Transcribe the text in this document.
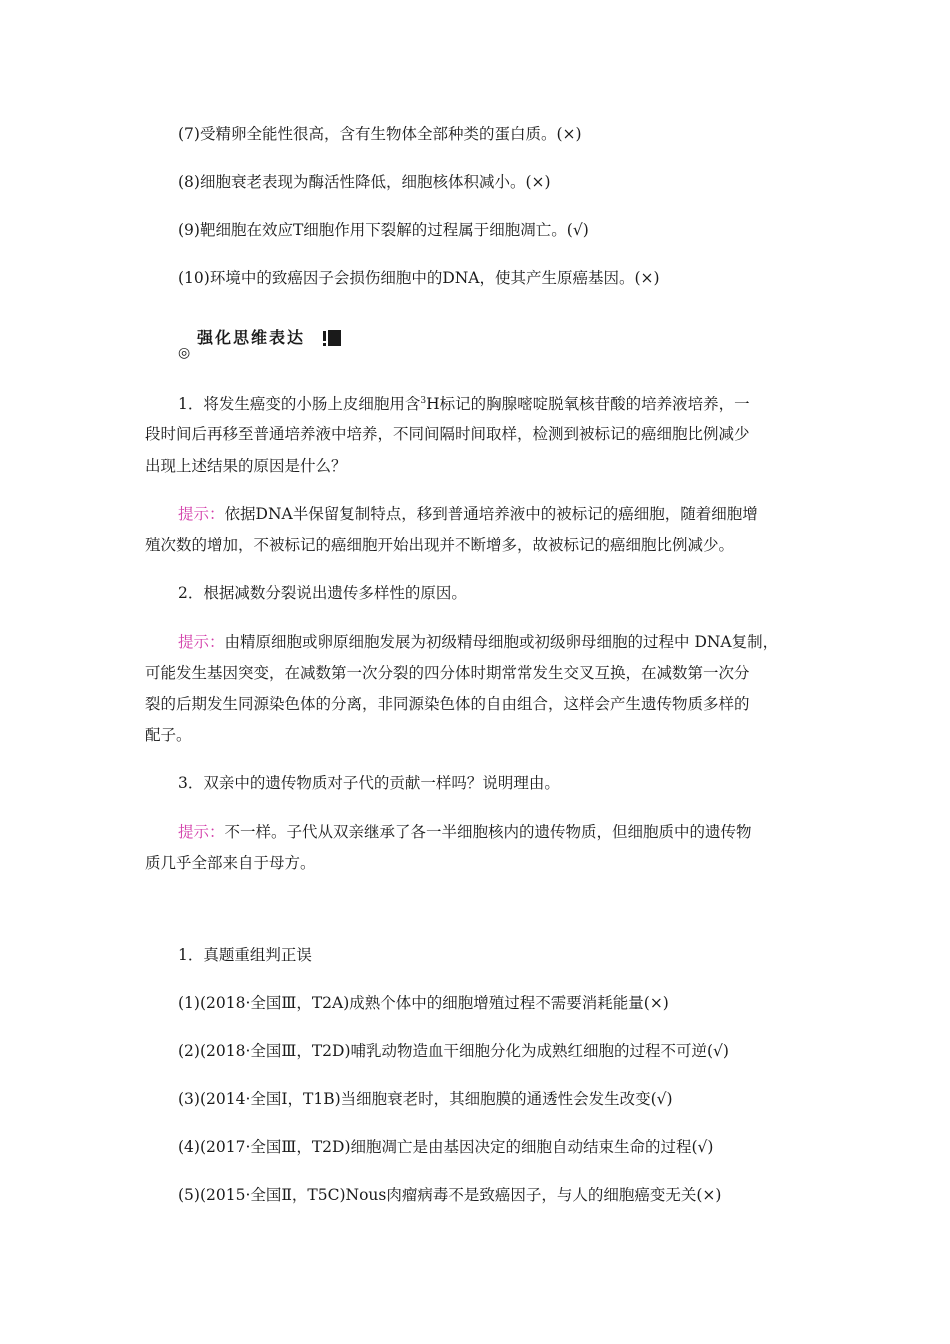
(7)受精卵全能性很高，含有生物体全部种类的蛋白质。(×)
(8)细胞衰老表现为酶活性降低，细胞核体积减小。(×)
(9)靶细胞在效应T细胞作用下裂解的过程属于细胞凋亡。(√)
(10)环境中的致癌因子会损伤细胞中的DNA，使其产生原癌基因。(×)
强化思维表达
◎
1．将发生癌变的小肠上皮细胞用含$^3$H标记的胸腺嘧啶脱氧核苷酸的培养液培养，一
段时间后再移至普通培养液中培养，不同间隔时间取样，检测到被标记的癌细胞比例减少
出现上述结果的原因是什么？
提示：依据DNA半保留复制特点，移到普通培养液中的被标记的癌细胞，随着细胞增
殖次数的增加，不被标记的癌细胞开始出现并不断增多，故被标记的癌细胞比例减少。
2．根据减数分裂说出遗传多样性的原因。
提示：由精原细胞或卵原细胞发展为初级精母细胞或初级卵母细胞的过程中 DNA复制，
可能发生基因突变，在减数第一次分裂的四分体时期常常发生交叉互换，在减数第一次分
裂的后期发生同源染色体的分离，非同源染色体的自由组合，这样会产生遗传物质多样的
配子。
3．双亲中的遗传物质对子代的贡献一样吗？说明理由。
提示：不一样。子代从双亲继承了各一半细胞核内的遗传物质，但细胞质中的遗传物
质几乎全部来自于母方。
1．真题重组判正误
(1)(2018·全国Ⅲ，T2A)成熟个体中的细胞增殖过程不需要消耗能量(×)
(2)(2018·全国Ⅲ，T2D)哺乳动物造血干细胞分化为成熟红细胞的过程不可逆(√)
(3)(2014·全国Ⅰ，T1B)当细胞衰老时，其细胞膜的通透性会发生改变(√)
(4)(2017·全国Ⅲ，T2D)细胞凋亡是由基因决定的细胞自动结束生命的过程(√)
(5)(2015·全国Ⅱ，T5C)Nous肉瘤病毒不是致癌因子，与人的细胞癌变无关(×)
